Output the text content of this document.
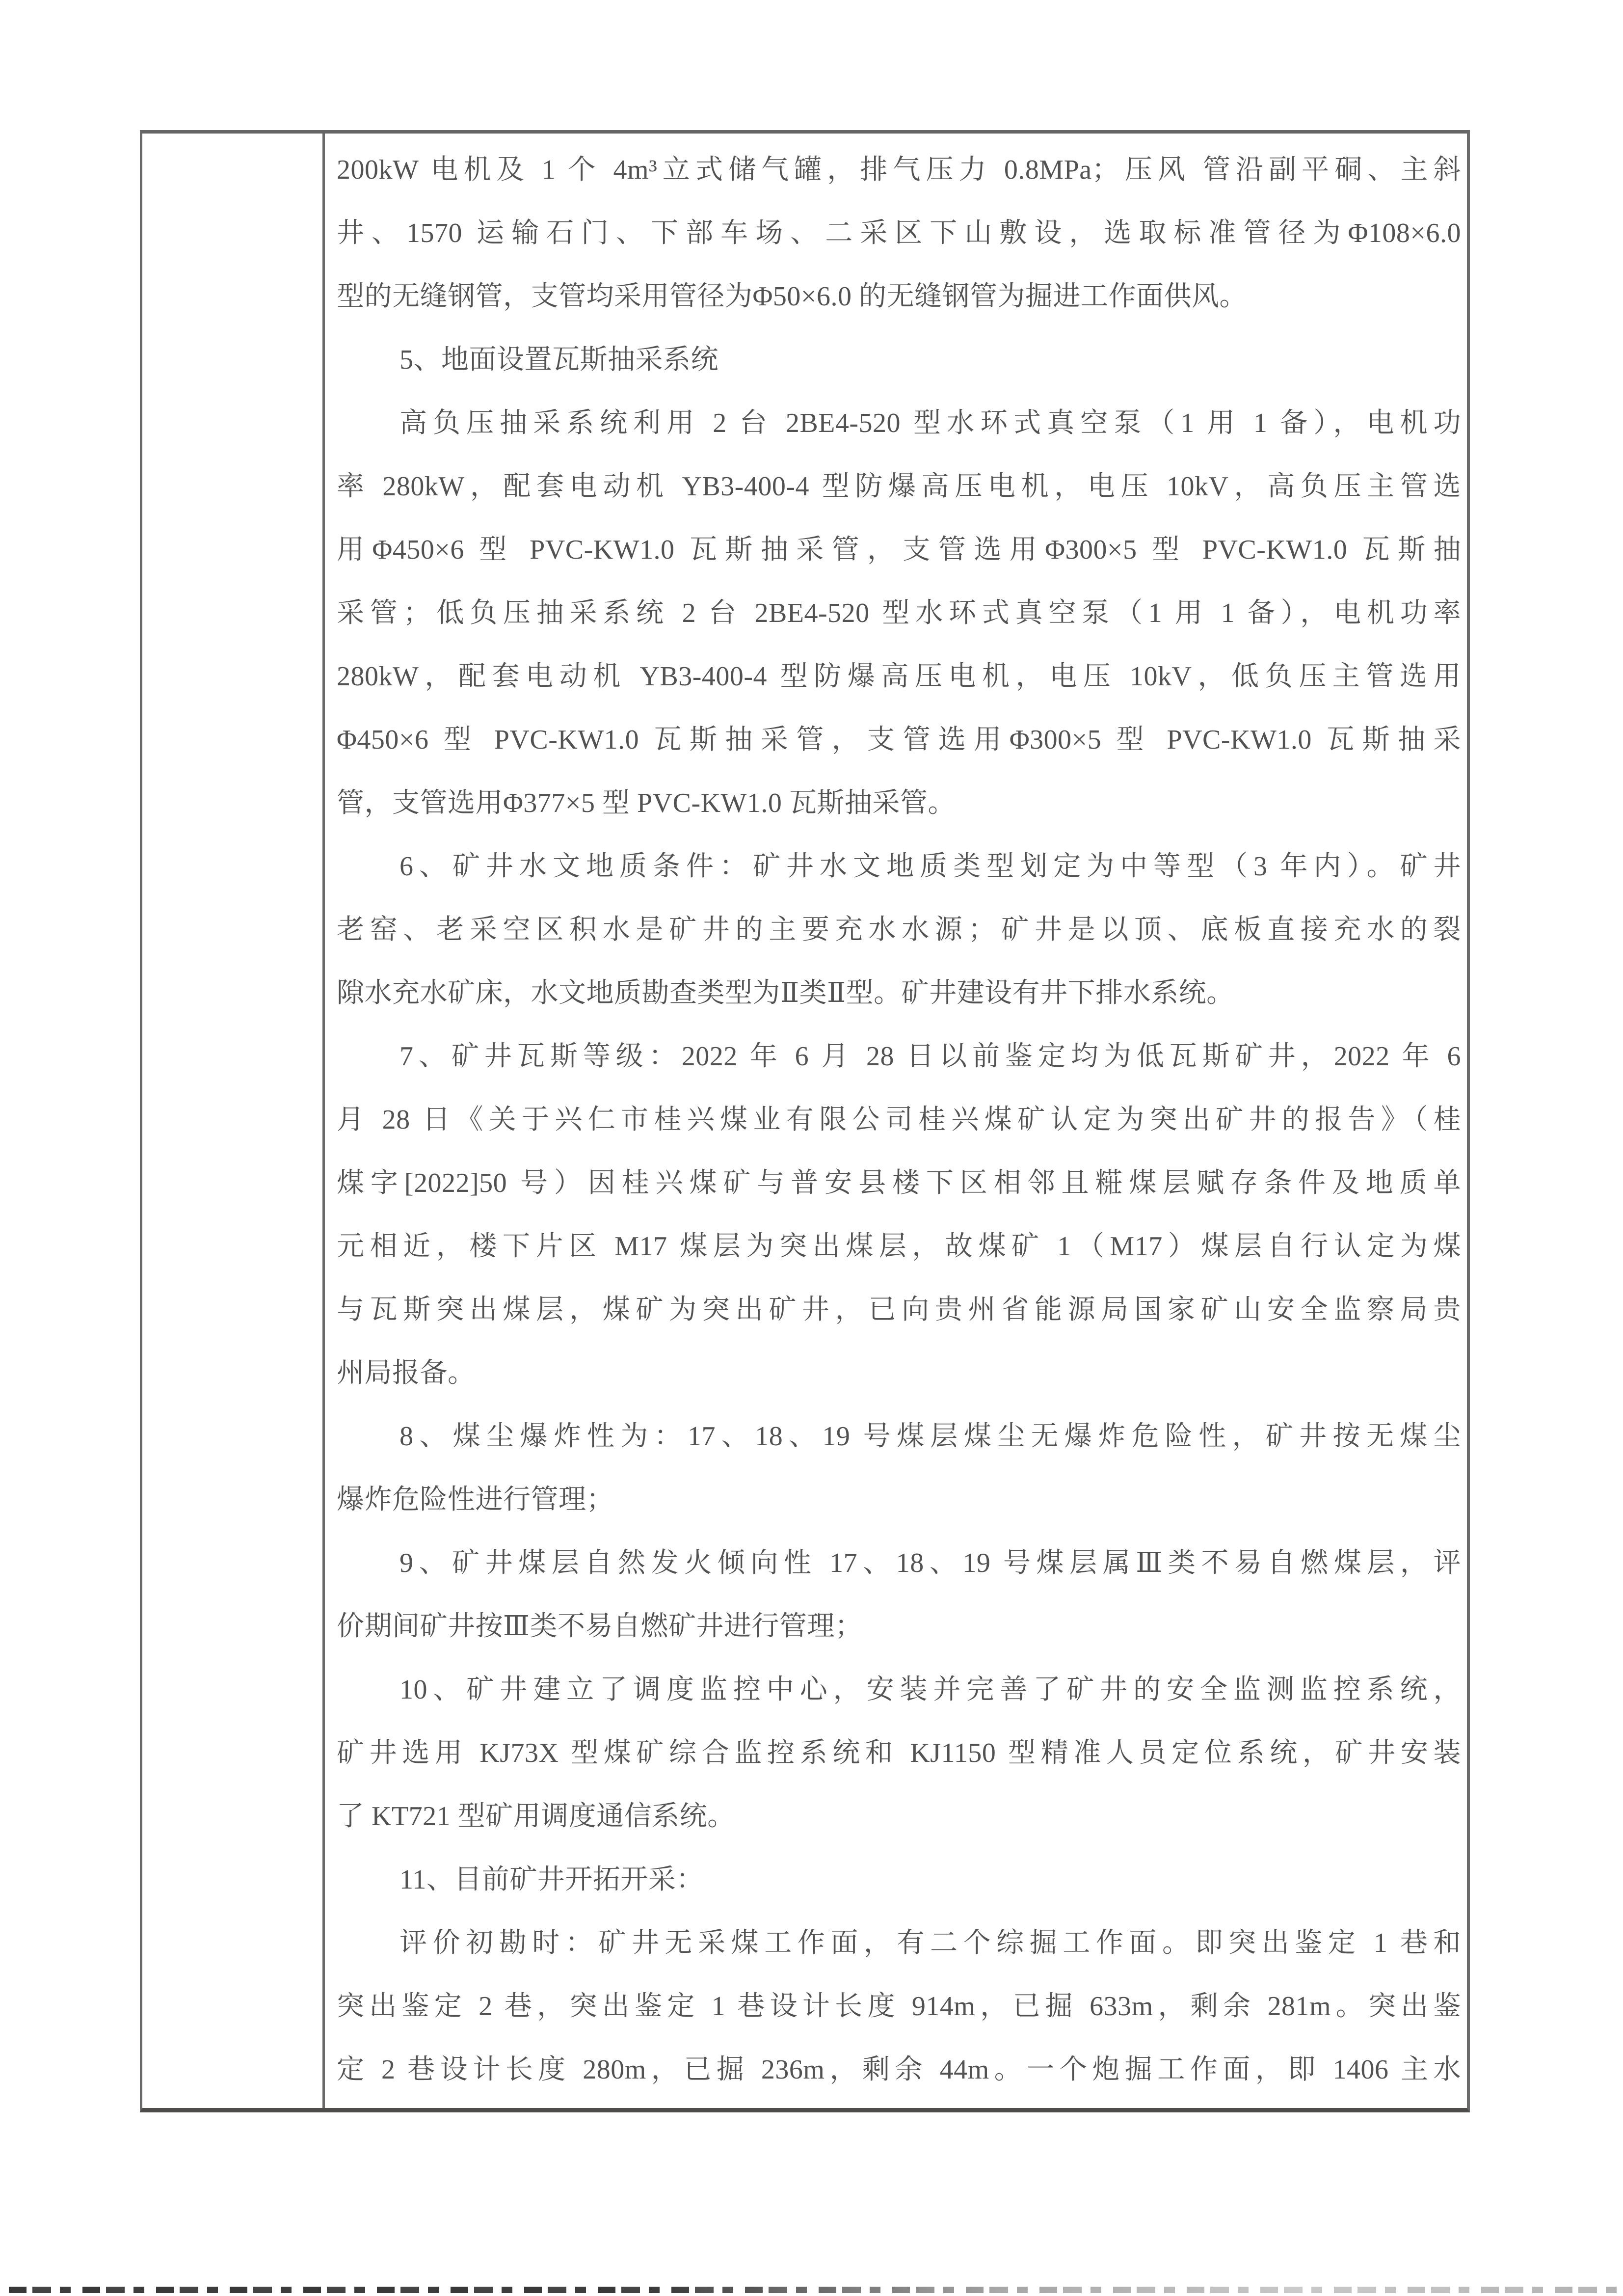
200kW 电机及 1 个 4m³立式储气罐，排气压力 0.8MPa；压风 管沿副平硐、主斜
井、1570 运输石门、下部车场、二采区下山敷设，选取标准管径为Φ108×6.0
型的无缝钢管，支管均采用管径为Φ50×6.0 的无缝钢管为掘进工作面供风。
5、地面设置瓦斯抽采系统
高负压抽采系统利用 2 台 2BE4-520 型水环式真空泵（1 用 1 备），电机功
率 280kW，配套电动机 YB3-400-4 型防爆高压电机，电压 10kV，高负压主管选
用Φ450×6 型 PVC-KW1.0 瓦斯抽采管，支管选用Φ300×5 型 PVC-KW1.0 瓦斯抽
采管；低负压抽采系统 2 台 2BE4-520 型水环式真空泵（1 用 1 备），电机功率
280kW，配套电动机 YB3-400-4 型防爆高压电机，电压 10kV，低负压主管选用
Φ450×6 型 PVC-KW1.0 瓦斯抽采管，支管选用Φ300×5 型 PVC-KW1.0 瓦斯抽采
管，支管选用Φ377×5 型 PVC-KW1.0 瓦斯抽采管。
6、矿井水文地质条件：矿井水文地质类型划定为中等型（3 年内）。矿井
老窑、老采空区积水是矿井的主要充水水源；矿井是以顶、底板直接充水的裂
隙水充水矿床，水文地质勘查类型为Ⅱ类Ⅱ型。矿井建设有井下排水系统。
7、矿井瓦斯等级：2022 年 6 月 28 日以前鉴定均为低瓦斯矿井，2022 年 6
月 28 日《关于兴仁市桂兴煤业有限公司桂兴煤矿认定为突出矿井的报告》（桂
煤字[2022]50 号）因桂兴煤矿与普安县楼下区相邻且糚煤层赋存条件及地质单
元相近，楼下片区 M17 煤层为突出煤层，故煤矿 1（M17）煤层自行认定为煤
与瓦斯突出煤层，煤矿为突出矿井，已向贵州省能源局国家矿山安全监察局贵
州局报备。
8、煤尘爆炸性为：17、18、19 号煤层煤尘无爆炸危险性，矿井按无煤尘
爆炸危险性进行管理；
9、矿井煤层自然发火倾向性 17、18、19 号煤层属Ⅲ类不易自燃煤层，评
价期间矿井按Ⅲ类不易自燃矿井进行管理；
10、矿井建立了调度监控中心，安装并完善了矿井的安全监测监控系统，
矿井选用 KJ73X 型煤矿综合监控系统和 KJ1150 型精准人员定位系统，矿井安装
了 KT721 型矿用调度通信系统。
11、目前矿井开拓开采：
评价初勘时：矿井无采煤工作面，有二个综掘工作面。即突出鉴定 1 巷和
突出鉴定 2 巷，突出鉴定 1 巷设计长度 914m，已掘 633m，剩余 281m。突出鉴
定 2 巷设计长度 280m，已掘 236m，剩余 44m。一个炮掘工作面，即 1406 主水
